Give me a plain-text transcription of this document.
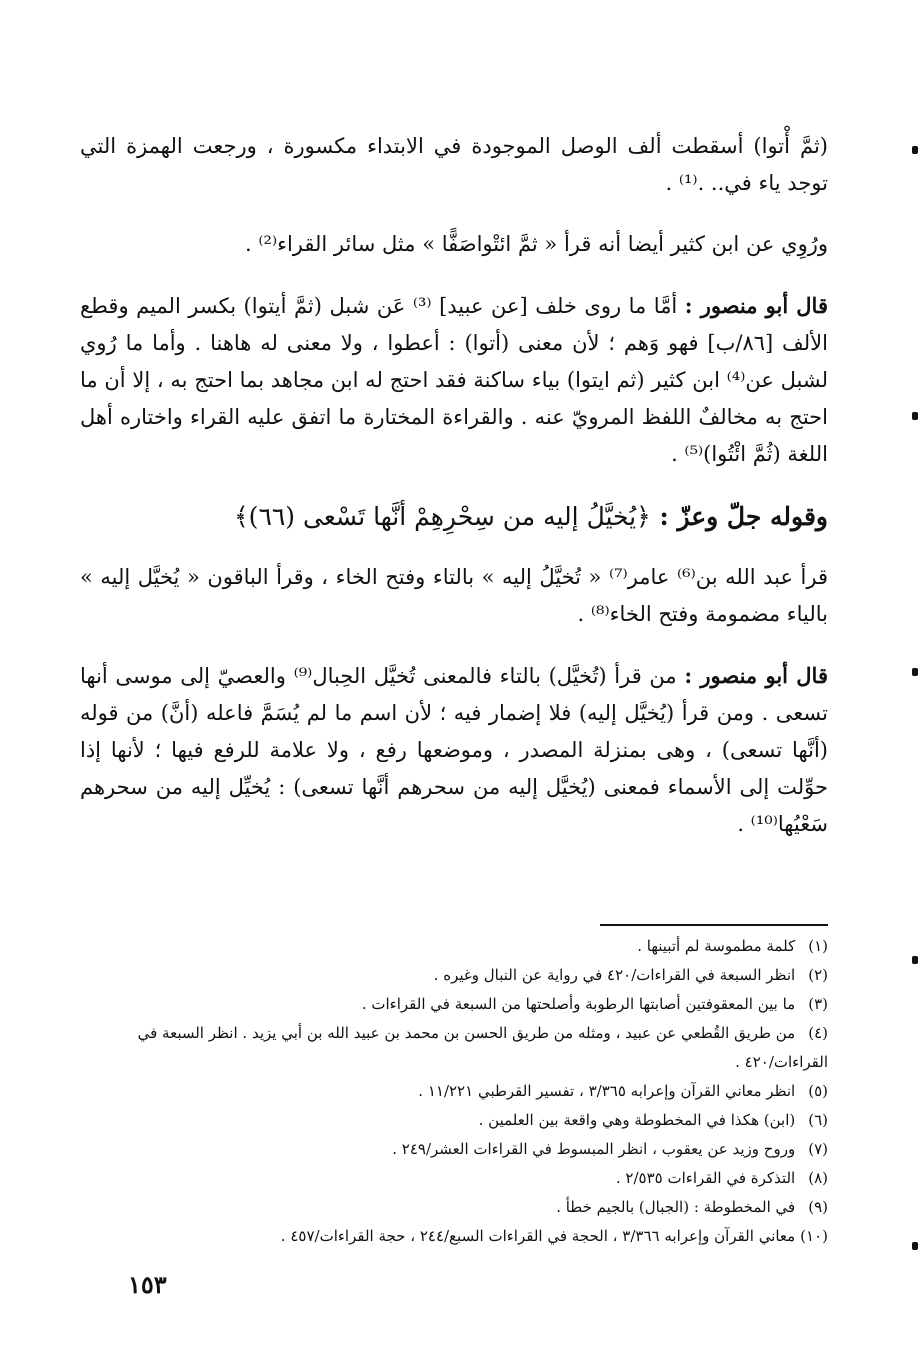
(ثمَّ أْتوا) أسقطت ألف الوصل الموجودة في الابتداء مكسورة ، ورجعت الهمزة التي توجد ياء في.. .⁽¹⁾ .

ورُوِي عن ابن كثير أيضا أنه قرأ « ثمَّ ائتْواصَفًّا » مثل سائر القراء⁽²⁾ .

قال أبو منصور : أمَّا ما روى خلف [عن عبيد] ⁽³⁾ عَن شبل (ثمَّ أيتوا) بكسر الميم وقطع الألف [٨٦/ب] فهو وَهم ؛ لأن معنى (أتوا) : أعطوا ، ولا معنى له هاهنا . وأما ما رُوي لشبل عن⁽⁴⁾ ابن كثير (ثم ايتوا) بياء ساكنة فقد احتج له ابن مجاهد بما احتج به ، إلا أن ما احتج به مخالفٌ اللفظ المرويّ عنه . والقراءة المختارة ما اتفق عليه القراء واختاره أهل اللغة (ثُمَّ ائْتُوا)⁽⁵⁾ .

وقوله جلّ وعزّ : ﴿يُخيَّلُ إليه من سِحْرِهِمْ أنَّها تَسْعى (٦٦)﴾

قرأ عبد الله بن⁽⁶⁾ عامر⁽⁷⁾ « تُخيَّلُ إليه » بالتاء وفتح الخاء ، وقرأ الباقون « يُخيَّل إليه » بالياء مضمومة وفتح الخاء⁽⁸⁾ .

قال أبو منصور : من قرأ (تُخيَّل) بالتاء فالمعنى تُخيَّل الحِبال⁽⁹⁾ والعصيّ إلى موسى أنها تسعى . ومن قرأ (يُخيَّل إليه) فلا إضمار فيه ؛ لأن اسم ما لم يُسَمَّ فاعله (أنَّ) من قوله (أنَّها تسعى) ، وهى بمنزلة المصدر ، وموضعها رفع ، ولا علامة للرفع فيها ؛ لأنها إذا حوِّلت إلى الأسماء فمعنى (يُخيَّل إليه من سحرهم أنَّها تسعى) : يُخيِّل إليه من سحرهم سَعْيُها⁽¹⁰⁾ .

(١) كلمة مطموسة لم أتبينها .

(٢) انظر السبعة في القراءات/٤٢٠ في رواية عن النبال وغيره .

(٣) ما بين المعقوفتين أصابتها الرطوبة وأصلحتها من السبعة في القراءات .

(٤) من طريق القُطعي عن عبيد ، ومثله من طريق الحسن بن محمد بن عبيد الله بن أبي يزيد . انظر السبعة في القراءات/٤٢٠ .

(٥) انظر معاني القرآن وإعرابه ٣/٣٦٥ ، تفسير القرطبي ١١/٢٢١ .

(٦) (ابن) هكذا في المخطوطة وهي واقعة بين العلمين .

(٧) وروح وزيد عن يعقوب ، انظر المبسوط في القراءات العشر/٢٤٩ .

(٨) التذكرة في القراءات ٢/٥٣٥ .

(٩) في المخطوطة : (الجبال) بالجيم خطأ .

(١٠) معاني القرآن وإعرابه ٣/٣٦٦ ، الحجة في القراءات السبع/٢٤٤ ، حجة القراءات/٤٥٧ .

١٥٣
